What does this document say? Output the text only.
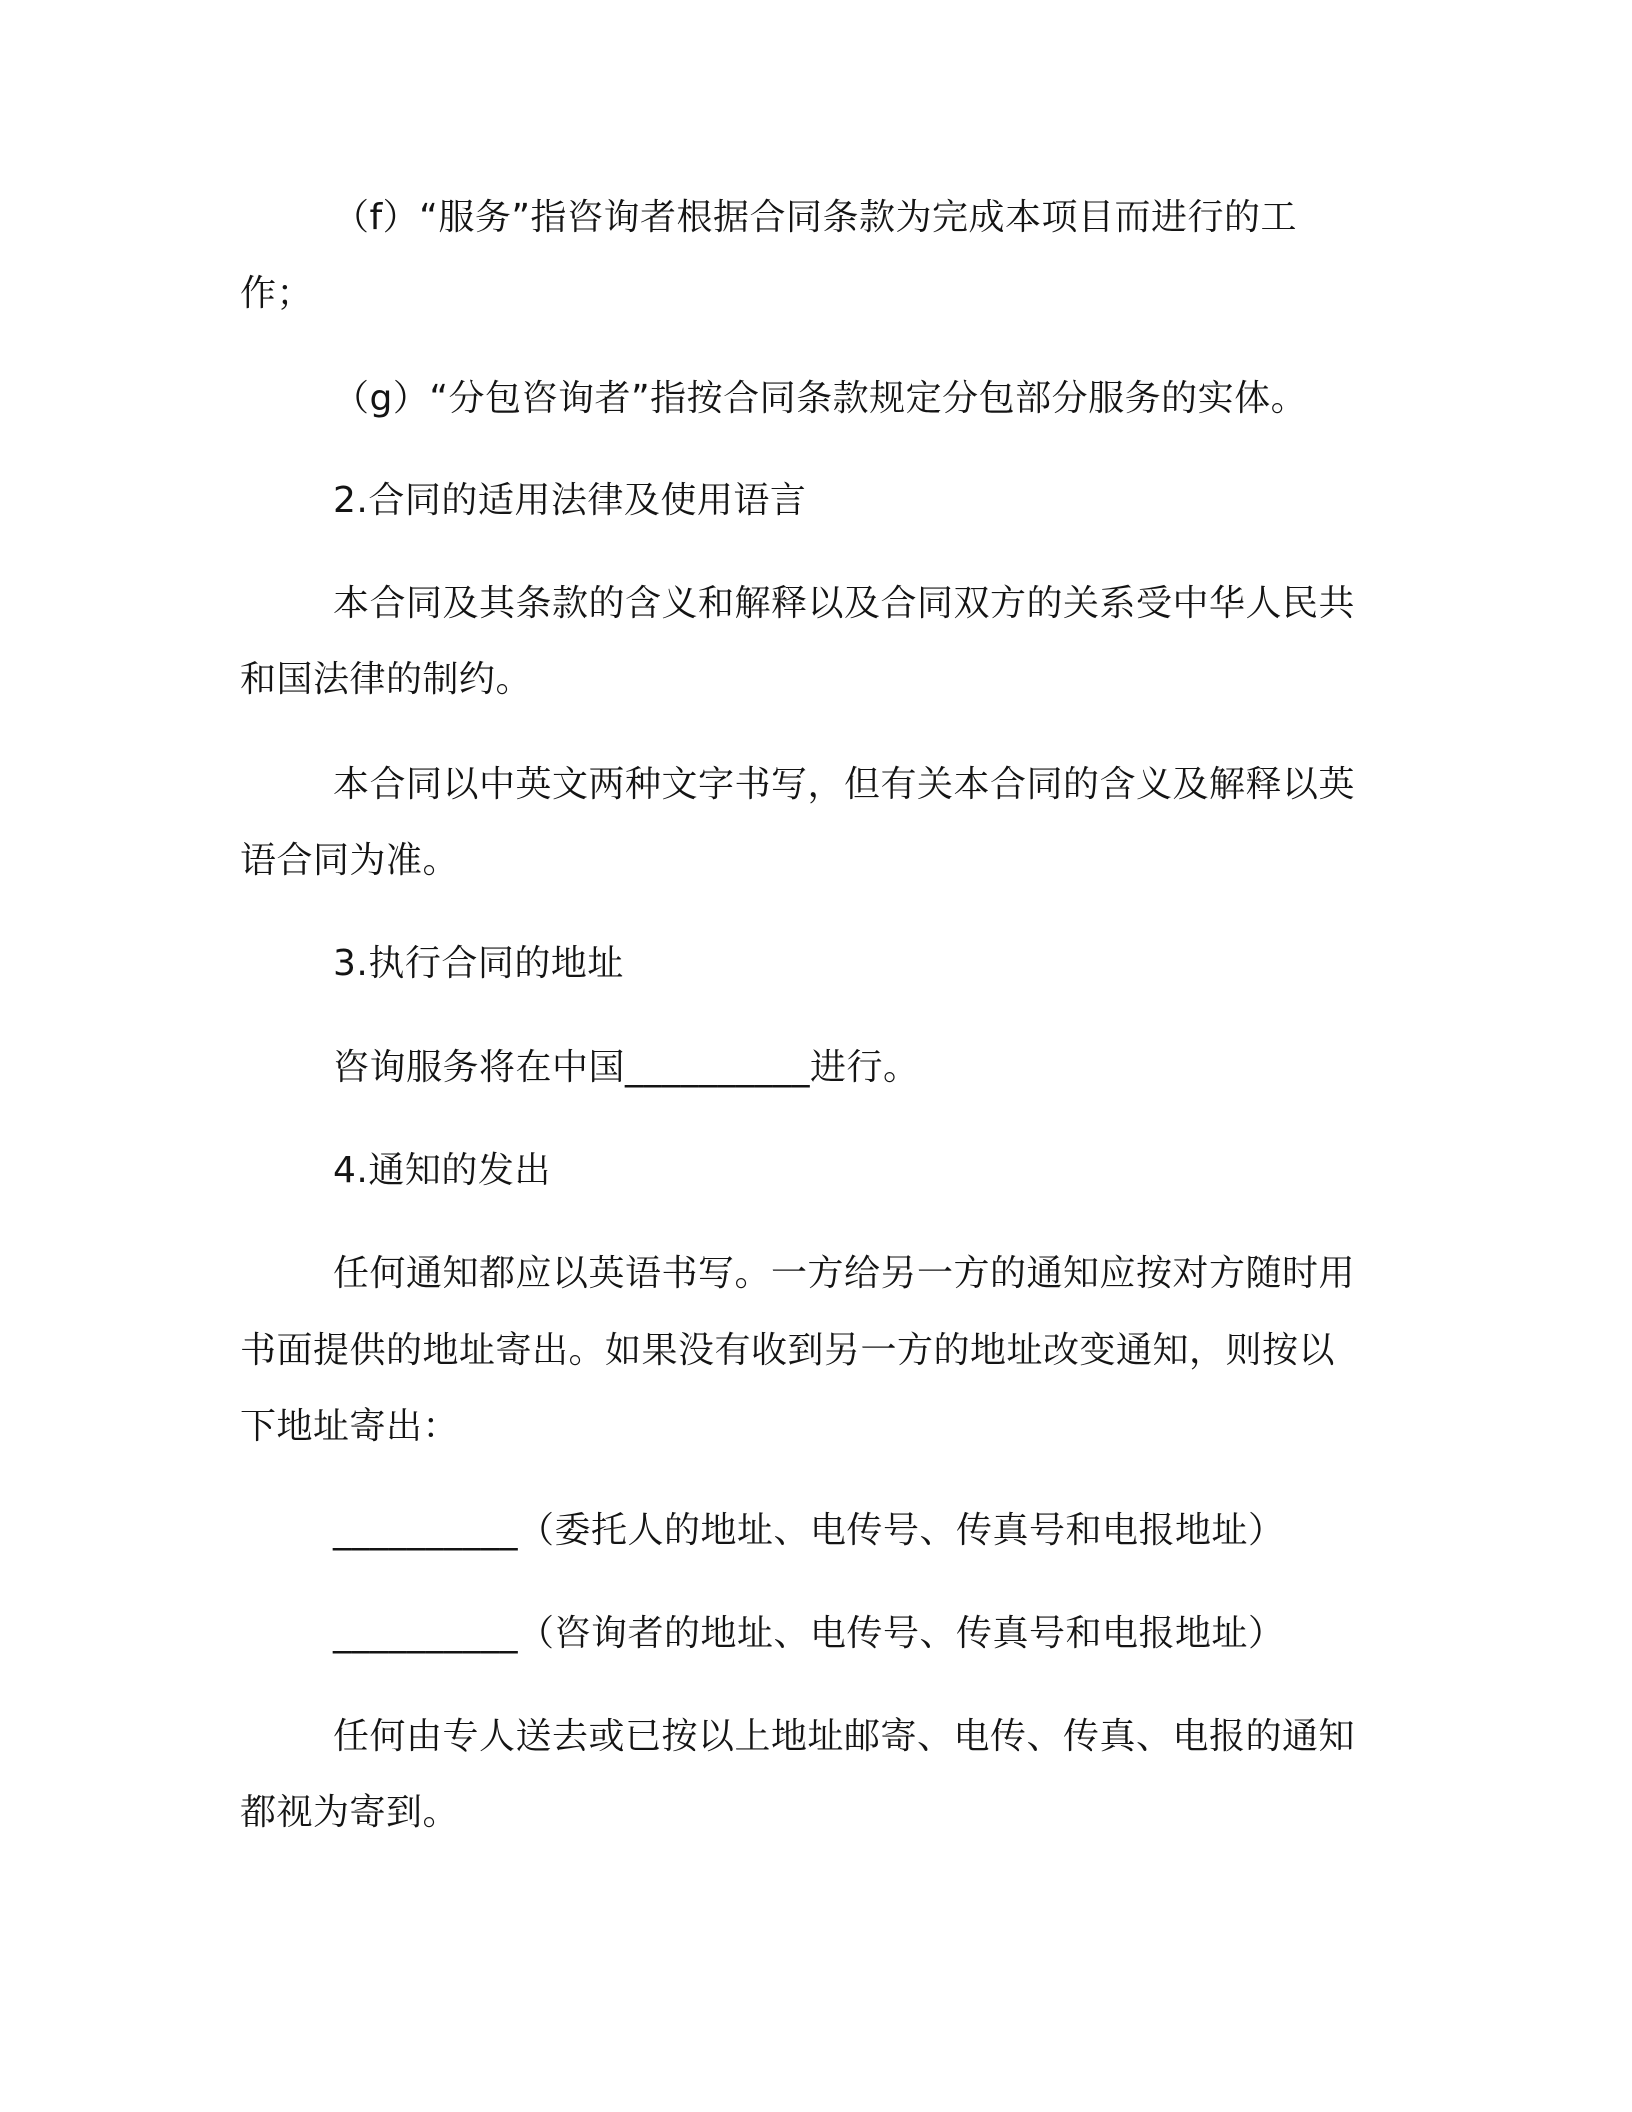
（f）“服务”指咨询者根据合同条款为完成本项目而进行的工
作；
（g）“分包咨询者”指按合同条款规定分包部分服务的实体。
2.合同的适用法律及使用语言
本合同及其条款的含义和解释以及合同双方的关系受中华人民共
和国法律的制约。
本合同以中英文两种文字书写，但有关本合同的含义及解释以英
语合同为准。
3.执行合同的地址
咨询服务将在中国__________进行。
4.通知的发出
任何通知都应以英语书写。一方给另一方的通知应按对方随时用
书面提供的地址寄出。如果没有收到另一方的地址改变通知，则按以
下地址寄出：
__________（委托人的地址、电传号、传真号和电报地址）
__________（咨询者的地址、电传号、传真号和电报地址）
任何由专人送去或已按以上地址邮寄、电传、传真、电报的通知
都视为寄到。
